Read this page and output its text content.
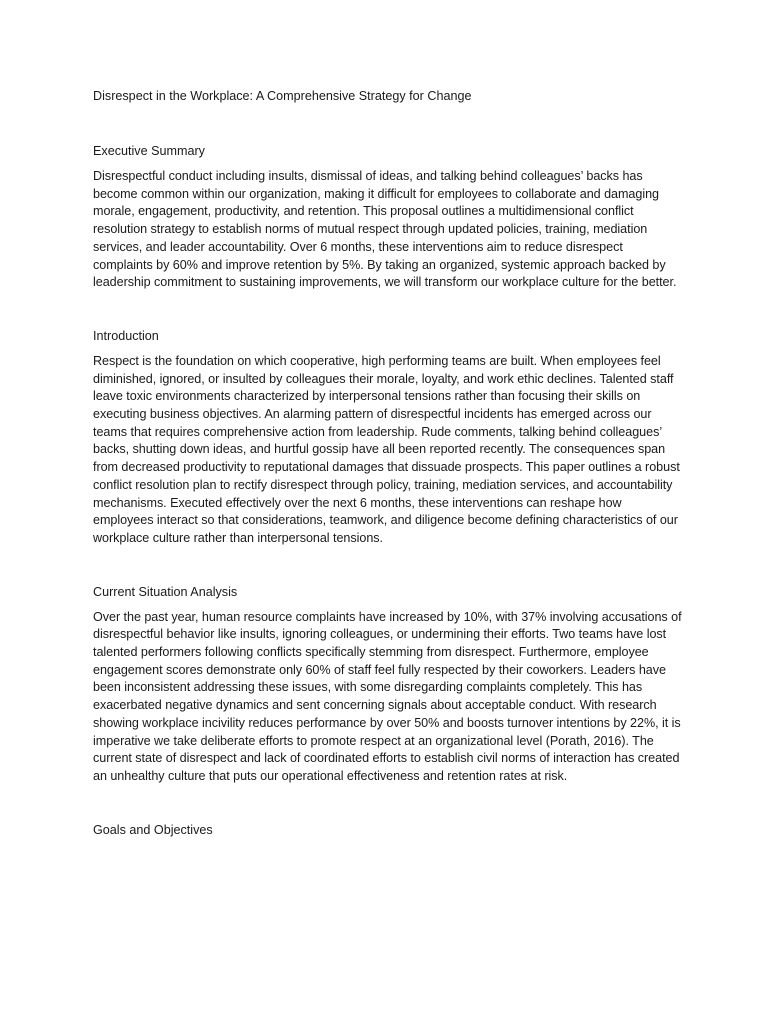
Disrespect in the Workplace: A Comprehensive Strategy for Change

Executive Summary

Disrespectful conduct including insults, dismissal of ideas, and talking behind colleagues’ backs has become common within our organization, making it difficult for employees to collaborate and damaging morale, engagement, productivity, and retention. This proposal outlines a multidimensional conflict resolution strategy to establish norms of mutual respect through updated policies, training, mediation services, and leader accountability. Over 6 months, these interventions aim to reduce disrespect complaints by 60% and improve retention by 5%. By taking an organized, systemic approach backed by leadership commitment to sustaining improvements, we will transform our workplace culture for the better.

Introduction

Respect is the foundation on which cooperative, high performing teams are built. When employees feel diminished, ignored, or insulted by colleagues their morale, loyalty, and work ethic declines. Talented staff leave toxic environments characterized by interpersonal tensions rather than focusing their skills on executing business objectives. An alarming pattern of disrespectful incidents has emerged across our teams that requires comprehensive action from leadership. Rude comments, talking behind colleagues’ backs, shutting down ideas, and hurtful gossip have all been reported recently. The consequences span from decreased productivity to reputational damages that dissuade prospects. This paper outlines a robust conflict resolution plan to rectify disrespect through policy, training, mediation services, and accountability mechanisms. Executed effectively over the next 6 months, these interventions can reshape how employees interact so that considerations, teamwork, and diligence become defining characteristics of our workplace culture rather than interpersonal tensions.

Current Situation Analysis

Over the past year, human resource complaints have increased by 10%, with 37% involving accusations of disrespectful behavior like insults, ignoring colleagues, or undermining their efforts. Two teams have lost talented performers following conflicts specifically stemming from disrespect. Furthermore, employee engagement scores demonstrate only 60% of staff feel fully respected by their coworkers. Leaders have been inconsistent addressing these issues, with some disregarding complaints completely. This has exacerbated negative dynamics and sent concerning signals about acceptable conduct. With research showing workplace incivility reduces performance by over 50% and boosts turnover intentions by 22%, it is imperative we take deliberate efforts to promote respect at an organizational level (Porath, 2016). The current state of disrespect and lack of coordinated efforts to establish civil norms of interaction has created an unhealthy culture that puts our operational effectiveness and retention rates at risk.

Goals and Objectives
